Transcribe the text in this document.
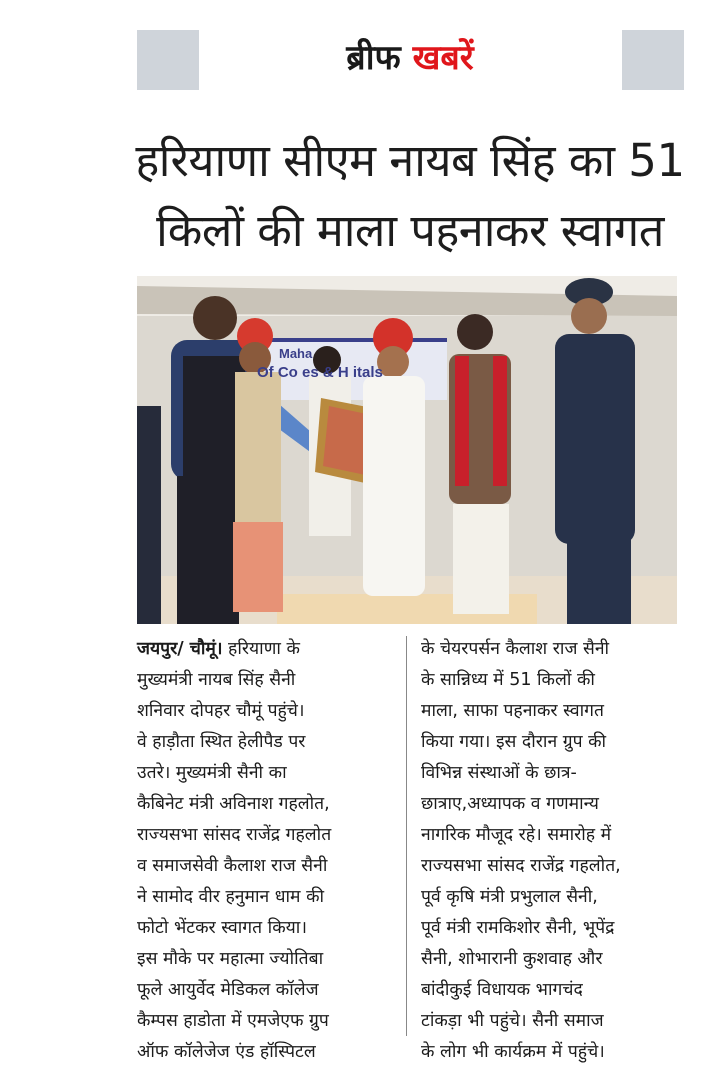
ब्रीफ खबरें
हरियाणा सीएम नायब सिंह का 51
किलों की माला पहनाकर स्वागत
Maha
Of Co es & H itals
जयपुर/ चौमूं। हरियाणा के
मुख्यमंत्री नायब सिंह सैनी
शनिवार दोपहर चौमूं पहुंचे।
वे हाड़ौता स्थित हेलीपैड पर
उतरे। मुख्यमंत्री सैनी का
कैबिनेट मंत्री अविनाश गहलोत,
राज्यसभा सांसद राजेंद्र गहलोत
व समाजसेवी कैलाश राज सैनी
ने सामोद वीर हनुमान धाम की
फोटो भेंटकर स्वागत किया।
इस मौके पर महात्मा ज्योतिबा
फूले आयुर्वेद मेडिकल कॉलेज
कैम्पस हाडोता में एमजेएफ ग्रुप
ऑफ कॉलेजेज एंड हॉस्पिटल
के चेयरपर्सन कैलाश राज सैनी
के सान्निध्य में 51 किलों की
माला, साफा पहनाकर स्वागत
किया गया। इस दौरान ग्रुप की
विभिन्न संस्थाओं के छात्र-
छात्राए,अध्यापक व गणमान्य
नागरिक मौजूद रहे। समारोह में
राज्यसभा सांसद राजेंद्र गहलोत,
पूर्व कृषि मंत्री प्रभुलाल सैनी,
पूर्व मंत्री रामकिशोर सैनी, भूपेंद्र
सैनी, शोभारानी कुशवाह और
बांदीकुई विधायक भागचंद
टांकड़ा भी पहुंचे। सैनी समाज
के लोग भी कार्यक्रम में पहुंचे।
